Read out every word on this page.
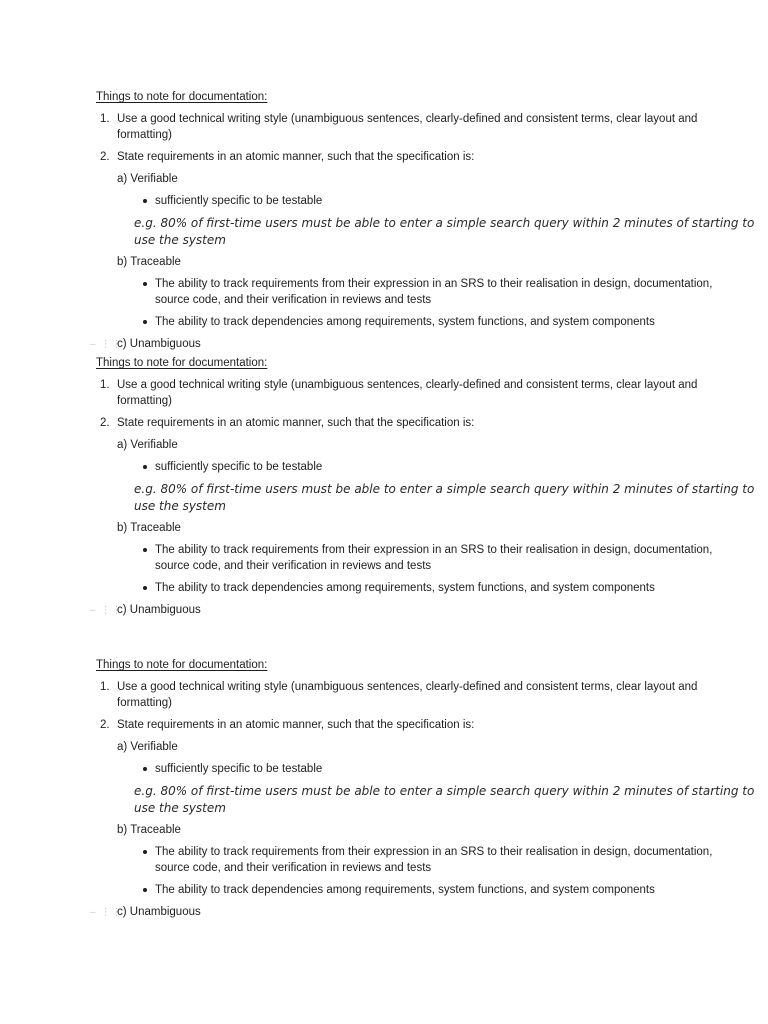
Things to note for documentation:
1. Use a good technical writing style (unambiguous sentences, clearly-defined and consistent terms, clear layout and
formatting)
2. State requirements in an atomic manner, such that the specification is:
a) Verifiable
sufficiently specific to be testable
e.g. 80% of first-time users must be able to enter a simple search query within 2 minutes of starting to
use the system
b) Traceable
The ability to track requirements from their expression in an SRS to their realisation in design, documentation,
source code, and their verification in reviews and tests
The ability to track dependencies among requirements, system functions, and system components
– ⋮⋮
c) Unambiguous
Things to note for documentation:
1. Use a good technical writing style (unambiguous sentences, clearly-defined and consistent terms, clear layout and
formatting)
2. State requirements in an atomic manner, such that the specification is:
a) Verifiable
sufficiently specific to be testable
e.g. 80% of first-time users must be able to enter a simple search query within 2 minutes of starting to
use the system
b) Traceable
The ability to track requirements from their expression in an SRS to their realisation in design, documentation,
source code, and their verification in reviews and tests
The ability to track dependencies among requirements, system functions, and system components
– ⋮⋮
c) Unambiguous
Things to note for documentation:
1. Use a good technical writing style (unambiguous sentences, clearly-defined and consistent terms, clear layout and
formatting)
2. State requirements in an atomic manner, such that the specification is:
a) Verifiable
sufficiently specific to be testable
e.g. 80% of first-time users must be able to enter a simple search query within 2 minutes of starting to
use the system
b) Traceable
The ability to track requirements from their expression in an SRS to their realisation in design, documentation,
source code, and their verification in reviews and tests
The ability to track dependencies among requirements, system functions, and system components
– ⋮⋮
c) Unambiguous
